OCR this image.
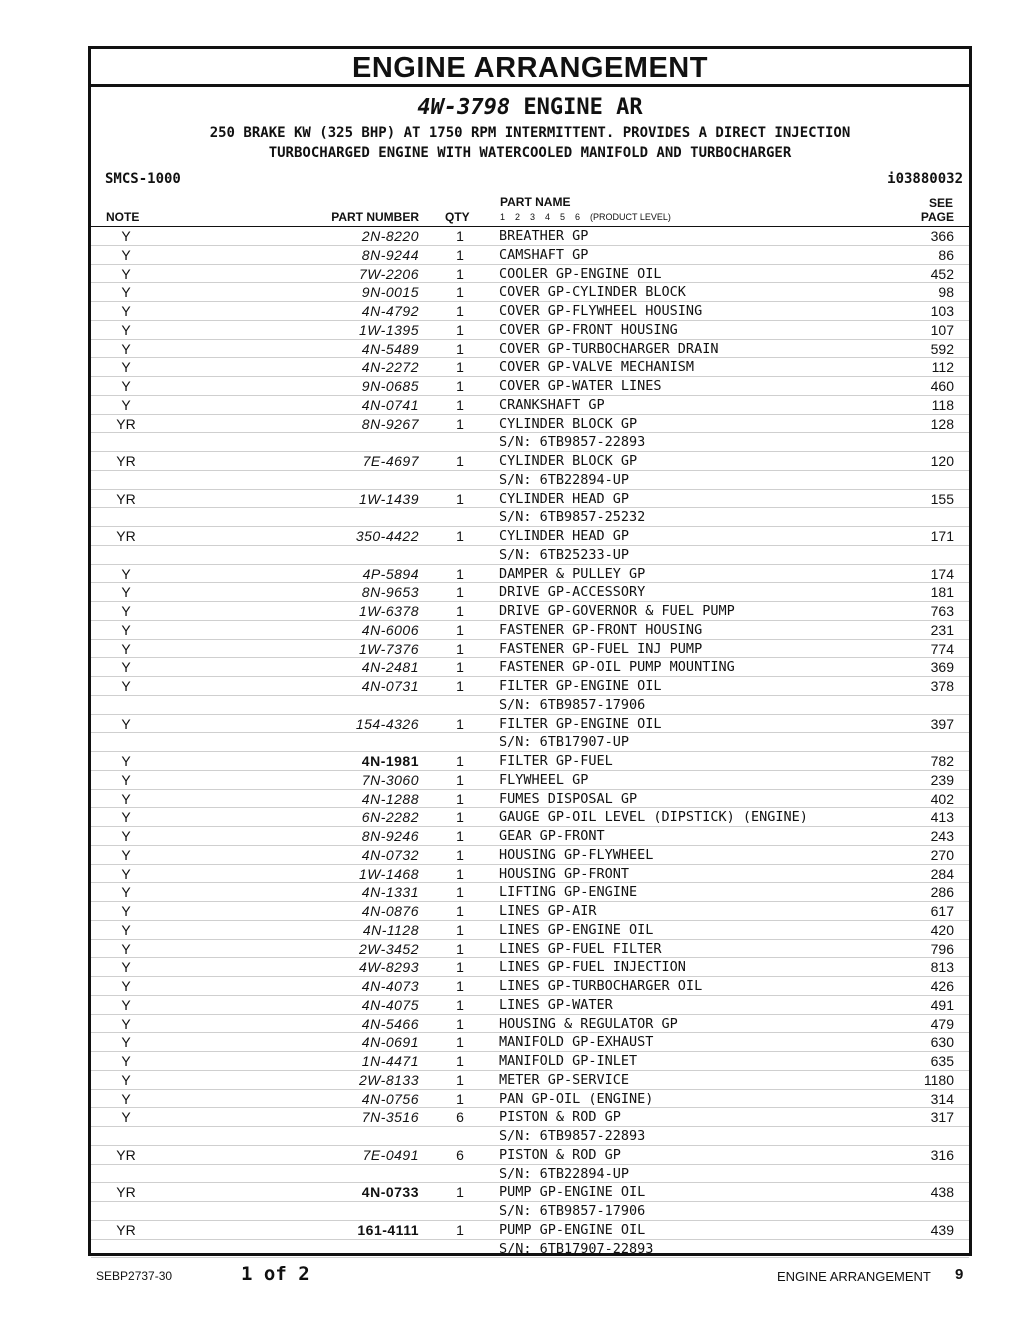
ENGINE ARRANGEMENT
4W-3798 ENGINE AR
250 BRAKE KW (325 BHP) AT 1750 RPM INTERMITTENT. PROVIDES A DIRECT INJECTION
TURBOCHARGED ENGINE WITH WATERCOOLED MANIFOLD AND TURBOCHARGER
SMCS-1000	i03880032
NOTE	PART NUMBER QTY
PART NAME
1    2    3    4    5    6    (PRODUCT LEVEL)
SEE
PAGE
Y	2N-8220	1	BREATHER GP	366
Y	8N-9244	1	CAMSHAFT GP	86
Y	7W-2206	1	COOLER GP-ENGINE OIL	452
Y	9N-0015	1	COVER GP-CYLINDER BLOCK	98
Y	4N-4792	1	COVER GP-FLYWHEEL HOUSING	103
Y	1W-1395	1	COVER GP-FRONT HOUSING	107
Y	4N-5489	1	COVER GP-TURBOCHARGER DRAIN	592
Y	4N-2272	1	COVER GP-VALVE MECHANISM	112
Y	9N-0685	1	COVER GP-WATER LINES	460
Y	4N-0741	1	CRANKSHAFT GP	118
YR	8N-9267	1	CYLINDER BLOCK GP	128
S/N: 6TB9857-22893
YR	7E-4697	1	CYLINDER BLOCK GP	120
S/N: 6TB22894-UP
YR	1W-1439	1	CYLINDER HEAD GP	155
S/N: 6TB9857-25232
YR	350-4422	1	CYLINDER HEAD GP	171
S/N: 6TB25233-UP
Y	4P-5894	1	DAMPER & PULLEY GP	174
Y	8N-9653	1	DRIVE GP-ACCESSORY	181
Y	1W-6378	1	DRIVE GP-GOVERNOR & FUEL PUMP	763
Y	4N-6006	1	FASTENER GP-FRONT HOUSING	231
Y	1W-7376	1	FASTENER GP-FUEL INJ PUMP	774
Y	4N-2481	1	FASTENER GP-OIL PUMP MOUNTING	369
Y	4N-0731	1	FILTER GP-ENGINE OIL	378
S/N: 6TB9857-17906
Y	154-4326	1	FILTER GP-ENGINE OIL	397
S/N: 6TB17907-UP
Y	4N-1981	1	FILTER GP-FUEL	782
Y	7N-3060	1	FLYWHEEL GP	239
Y	4N-1288	1	FUMES DISPOSAL GP	402
Y	6N-2282	1	GAUGE GP-OIL LEVEL (DIPSTICK) (ENGINE)	413
Y	8N-9246	1	GEAR GP-FRONT	243
Y	4N-0732	1	HOUSING GP-FLYWHEEL	270
Y	1W-1468	1	HOUSING GP-FRONT	284
Y	4N-1331	1	LIFTING GP-ENGINE	286
Y	4N-0876	1	LINES GP-AIR	617
Y	4N-1128	1	LINES GP-ENGINE OIL	420
Y	2W-3452	1	LINES GP-FUEL FILTER	796
Y	4W-8293	1	LINES GP-FUEL INJECTION	813
Y	4N-4073	1	LINES GP-TURBOCHARGER OIL	426
Y	4N-4075	1	LINES GP-WATER	491
Y	4N-5466	1	HOUSING & REGULATOR GP	479
Y	4N-0691	1	MANIFOLD GP-EXHAUST	630
Y	1N-4471	1	MANIFOLD GP-INLET	635
Y	2W-8133	1	METER GP-SERVICE	1180
Y	4N-0756	1	PAN GP-OIL (ENGINE)	314
Y	7N-3516	6	PISTON & ROD GP	317
S/N: 6TB9857-22893
YR	7E-0491	6	PISTON & ROD GP	316
S/N: 6TB22894-UP
YR	4N-0733	1	PUMP GP-ENGINE OIL	438
S/N: 6TB9857-17906
YR	161-4111	1	PUMP GP-ENGINE OIL	439
S/N: 6TB17907-22893
SEBP2737-30	1 of 2	ENGINE ARRANGEMENT 9
